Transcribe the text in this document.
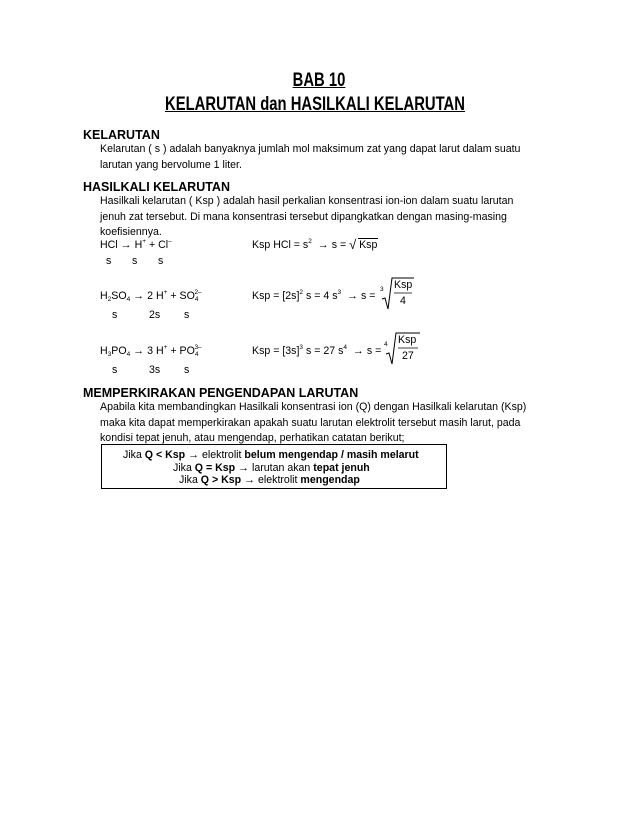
BAB 10
KELARUTAN dan HASILKALI KELARUTAN
KELARUTAN
Kelarutan ( s ) adalah banyaknya jumlah mol maksimum zat yang dapat larut dalam suatu
larutan yang bervolume 1 liter.
HASILKALI KELARUTAN
Hasilkali kelarutan ( Ksp ) adalah hasil perkalian konsentrasi ion-ion dalam suatu larutan
jenuh zat tersebut. Di mana konsentrasi tersebut dipangkatkan dengan masing-masing
koefisiennya.
HCl → H+ + Cl–	Ksp HCl = $s^2 \to s$ = √ Ksp
s s s
$H_2SO_4 \to 2$ $H^+ + SO_4^{2-}$	Ksp = $[2s]^2$ s = 4 $s^3 \to s$ =
3 Ksp
4
s	2s s
$H_3PO_4 \to 3$ $H^+ + PO_4^{3-}$	Ksp = $[3s]^3$ s = 27 $s^4 \to s$ =
4 Ksp
27
s	3s s
MEMPERKIRAKAN PENGENDAPAN LARUTAN
Apabila kita membandingkan Hasilkali konsentrasi ion (Q) dengan Hasilkali kelarutan (Ksp)
maka kita dapat memperkirakan apakah suatu larutan elektrolit tersebut masih larut, pada
kondisi tepat jenuh, atau mengendap, perhatikan catatan berikut;
Jika Q < Ksp → elektrolit belum mengendap / masih melarut
Jika Q = Ksp → larutan akan tepat jenuh
Jika Q > Ksp → elektrolit mengendap
